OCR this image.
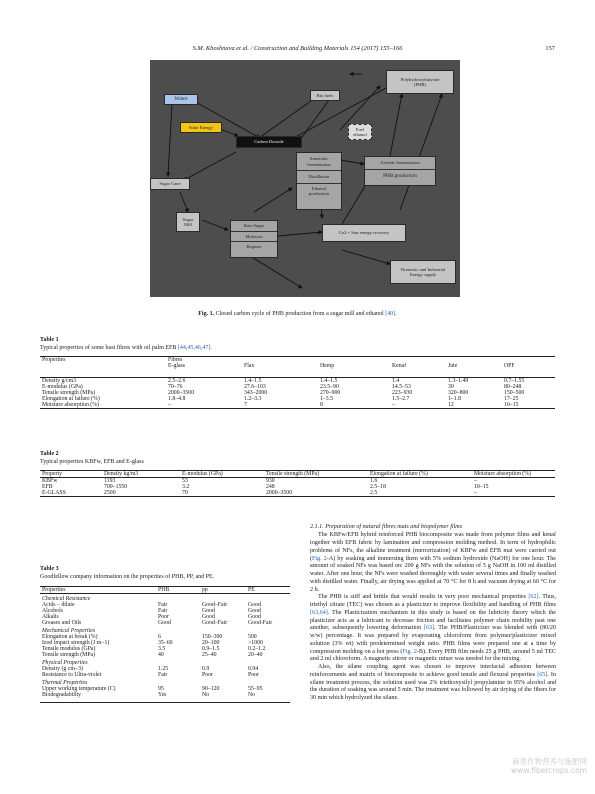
S.M. Khoshnava et al. / Construction and Building Materials 154 (2017) 155–166	157
Water
Solar Energy
Bio fuels
Polyhydroxybutyrate
(PHB)
Carbon Dioxide
Fuel
ethanol
Anaerobic
fermentation
Distillation
Ethanol
production
Aerobic fermentation
PHB production
Sugar Cane
Sugar
Mill	Raw Sugar
Molasses
Bagasse
Co2 + Sun energy recovery
Domestic and Industrial
Energy supply
Fig. 1. Closed carbon cycle of PHB production from a sugar mill and ethanol [40].
Table 1
Typical properties of some bast fibres with oil palm EFB [44,45,46,47].
Properties	Fibres					
	E-glass	Flax	Hemp	Kenaf	Jute	OPF
Density g/cm3	2.5–2.6	1.4–1.5	1.4–1.5	1.4	1.3–1.49	0.7–1.55
E-modulus (GPa)	70–76	27.6–103	23.5–90	14.5–53	30	80–248
Tensile strength (MPa)	2000–3500	343–2000	270–900	223–930	320–800	150–500
Elongation at failure (%)	1.8–4.8	1.2–3.3	1–3.5	1.5–2.7	1–1.8	17–25
Moisture absorption (%)	–	7	8	–	12	10–15
Table 2
Typical properties KBFw, EFB and E-glass
Property	Density kg/m3	E-modulus (GPa)	Tensile strength (MPa)	Elongation at failure (%)	Moisture absorption (%)
KBFw	1193	53	930	1.6	–
EFB	700–1550	3.2	248	2.5–18	10–15
E-GLASS	2500	70	2000–3500	2.5	–
Table 3
Goodfellow company information on the properties of PHB, PP, and PE.
Properties	PHB	pp	PE
Chemical Resistance			
Acids – dilute	Fair	Good–Fair	Good
Alcohols	Fair	Good	Good
Alkalis	Poor	Good	Good
Greases and Oils	Good	Good–Fair	Good-Fair
Mechanical Properties			
Elongation at break (%)	6	150–300	500
Izod impact strength (J m−1)	35–60	20–100	>1000
Tensile modulus (GPa)	3.5	0.9–1.5	0.2–1.2
Tensile strength (MPa)	40	25–40	20–40
Physical Properties			
Density (g cm−3)	1.25	0.9	0.94
Resistance to Ultra-violet	Fair	Poor	Poor
Thermal Properties			
Upper working temperature (C)	95	90–120	55–95
Biodegradability	Yes	No	No

2.1.1. Preparation of natural fibres mats and biopolymer films

The KBFw/EFB hybrid reinforced PHB biocomposite was made from polymer films and kenaf together with EFB fabric by lamination and compression molding method. In term of hydrophilic problems of NFs, the alkaline treatment (mercerization) of KBFw and EFB mat were carried out (Fig. 2-A) by soaking and immersing them with 5% sodium hydroxide (NaOH) for one hour. The amount of soaked NFs was based on: 200 g NFs with the solution of 5 g NaOH in 100 ml distilled water. After one hour, the NFs were washed thoroughly with water several times and finally washed with distilled water. Finally, air drying was applied at 70 °C for 8 h and vacuum drying at 60 °C for 2 h.

The PHB is stiff and brittle that would results in very poor mechanical properties [62]. Thus, triethyl citrate (TEC) was chosen as a plasticizer to improve flexibility and handling of PHB films [63,64]. The Plasticization mechanism in this study is based on the lubricity theory which the plasticizer acts as a lubricant to decrease friction and facilitates polymer chain mobility past one another, subsequently lowering deformation [63]. The PHB/Plasticizer was blended with (80/20 w/w) percentage. It was prepared by evaporating chloroform from polymer/plasticizer mixed solution (3% wt) with predetermined weight ratio. PHB films were prepared one at a time by compression molding on a hot press (Fig. 2-B). Every PHB film needs 25 g PHB, around 5 ml TEC and 2 ml chloroform. A magnetic stirrer or magnetic mixer was needed for the mixing.

Also, the silane coupling agent was chosen to improve interfacial adhesion between reinforcements and matrix of biocomposite to achieve good tensile and flexural properties [65]. In silane treatment process, the solution used was 2% triethoxysilyl propylamine in 95% alcohol and the duration of soaking was around 5 min. The treatment was followed by air drying of the fibers for 30 min which hydrolyzed the silane.

麻类作物营养与施肥网
www.fibercrops.com
